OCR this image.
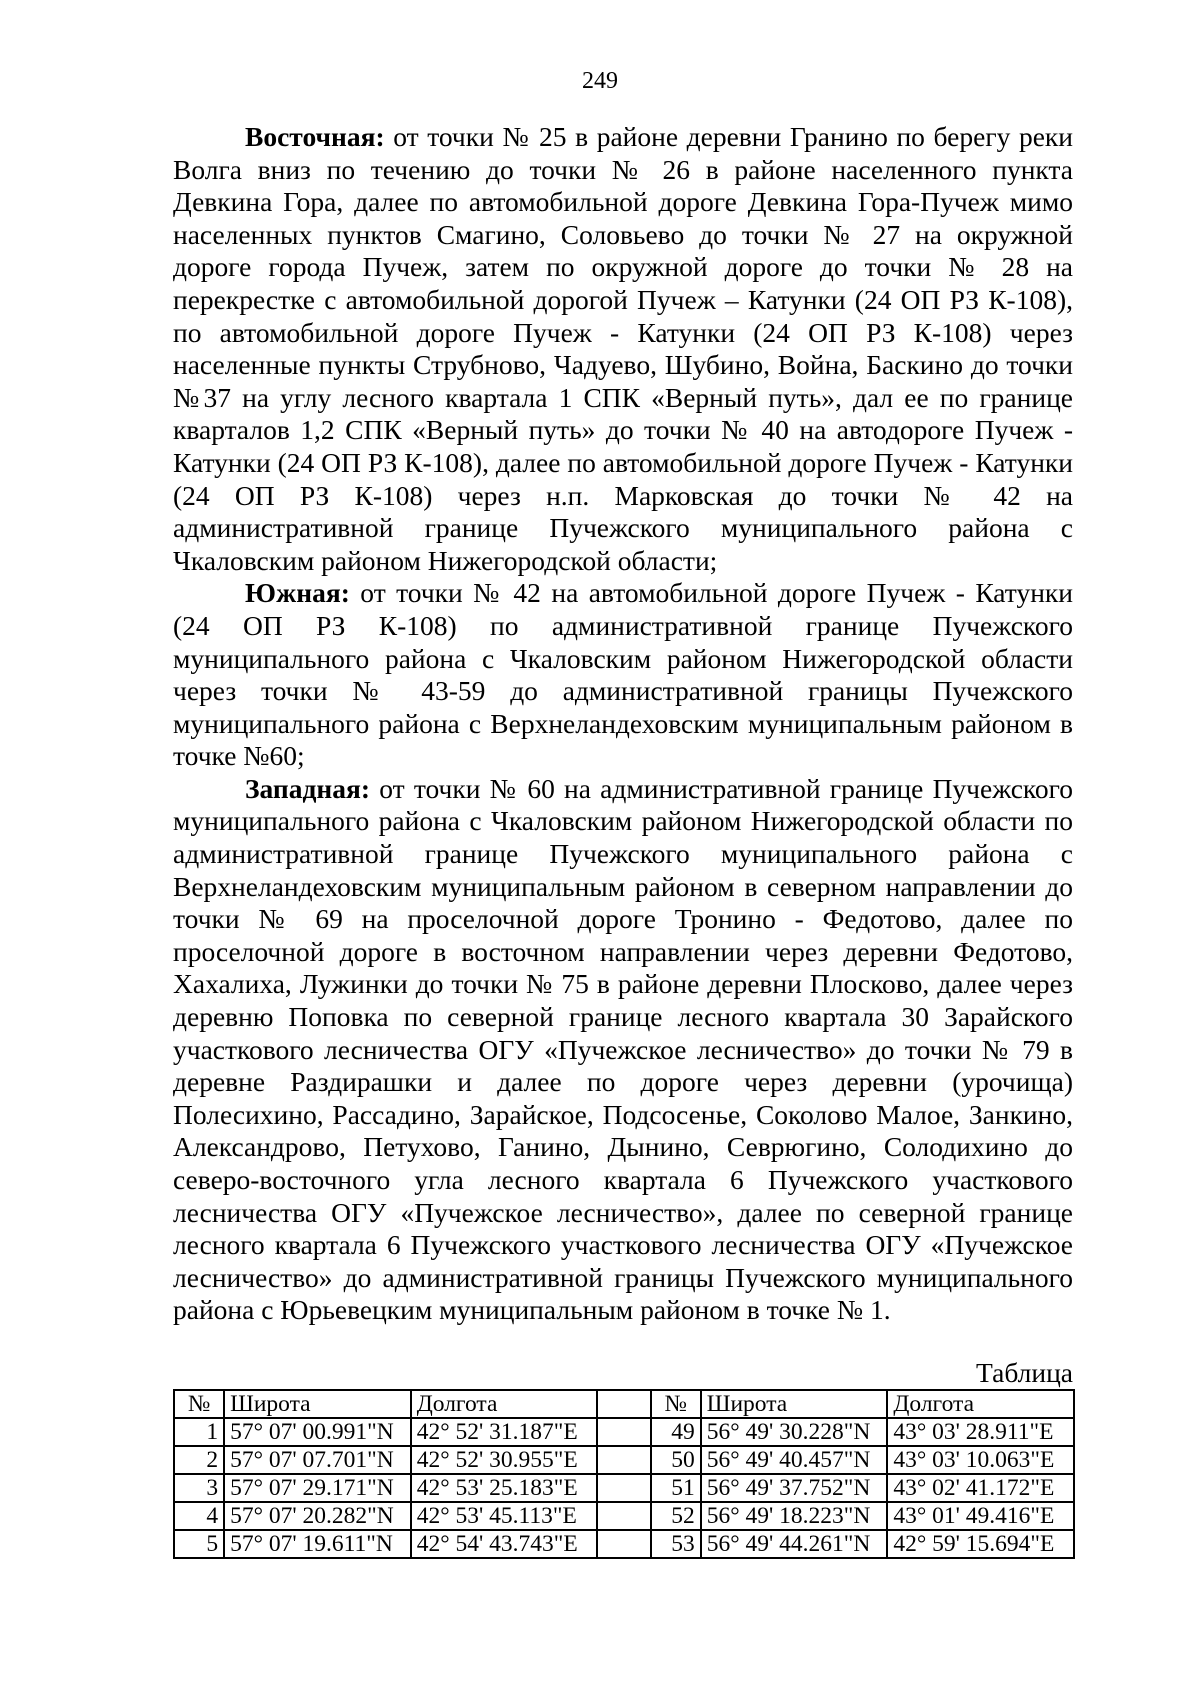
249

Восточная: от точки № 25 в районе деревни Гранино по берегу реки Волга вниз по течению до точки № 26 в районе населенного пункта Девкина Гора, далее по автомобильной дороге Девкина Гора-Пучеж мимо населенных пунктов Смагино, Соловьево до точки № 27 на окружной дороге города Пучеж, затем по окружной дороге до точки № 28 на перекрестке с автомобильной дорогой Пучеж – Катунки (24 ОП РЗ К-108), по автомобильной дороге Пучеж - Катунки (24 ОП РЗ К-108) через населенные пункты Струбново, Чадуево, Шубино, Война, Баскино до точки №37 на углу лесного квартала 1 СПК «Верный путь», дал ее по границе кварталов 1,2 СПК «Верный путь» до точки № 40 на автодороге Пучеж - Катунки (24 ОП РЗ К-108), далее по автомобильной дороге Пучеж - Катунки (24 ОП РЗ К-108) через н.п. Марковская до точки № 42 на административной границе Пучежского муниципального района с Чкаловским районом Нижегородской области;

Южная: от точки № 42 на автомобильной дороге Пучеж - Катунки (24 ОП РЗ К-108) по административной границе Пучежского муниципального района с Чкаловским районом Нижегородской области через точки № 43-59 до административной границы Пучежского муниципального района с Верхнеландеховским муниципальным районом в точке №60;

Западная: от точки № 60 на административной границе Пучежского муниципального района с Чкаловским районом Нижегородской области по административной границе Пучежского муниципального района с Верхнеландеховским муниципальным районом в северном направлении до точки № 69 на проселочной дороге Тронино - Федотово, далее по проселочной дороге в восточном направлении через деревни Федотово, Хахалиха, Лужинки до точки № 75 в районе деревни Плосково, далее через деревню Поповка по северной границе лесного квартала 30 Зарайского участкового лесничества ОГУ «Пучежское лесничество» до точки № 79 в деревне Раздирашки и далее по дороге через деревни (урочища) Полесихино, Рассадино, Зарайское, Подсосенье, Соколово Малое, Занкино, Александрово, Петухово, Ганино, Дынино, Севрюгино, Солодихино до северо-восточного угла лесного квартала 6 Пучежского участкового лесничества ОГУ «Пучежское лесничество», далее по северной границе лесного квартала 6 Пучежского участкового лесничества ОГУ «Пучежское лесничество» до административной границы Пучежского муниципального района с Юрьевецким муниципальным районом в точке № 1.

Таблица
№	Широта	Долгота		№	Широта	Долгота
1	57° 07' 00.991"N	42° 52' 31.187"E		49	56° 49' 30.228"N	43° 03' 28.911"E
2	57° 07' 07.701"N	42° 52' 30.955"E		50	56° 49' 40.457"N	43° 03' 10.063"E
3	57° 07' 29.171"N	42° 53' 25.183"E		51	56° 49' 37.752"N	43° 02' 41.172"E
4	57° 07' 20.282"N	42° 53' 45.113"E		52	56° 49' 18.223"N	43° 01' 49.416"E
5	57° 07' 19.611"N	42° 54' 43.743"E		53	56° 49' 44.261"N	42° 59' 15.694"E
